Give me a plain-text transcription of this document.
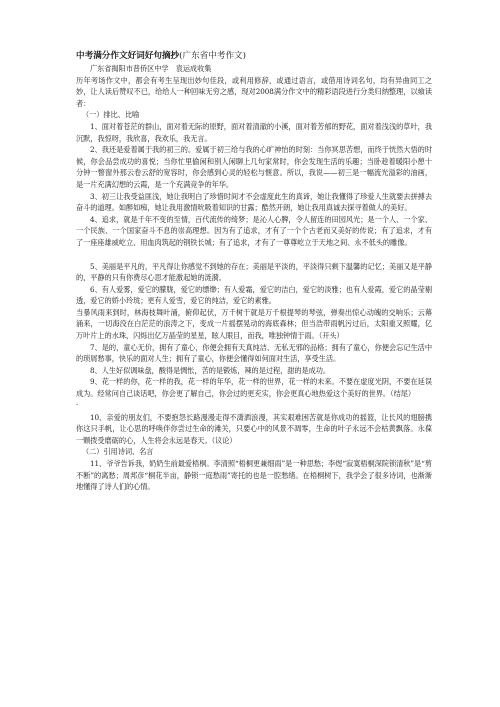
中考满分作文好词好句摘抄(广东省中考作文)

广东省揭阳市普侨区中学　袁运成收集

历年考场作文中，都会有考生呈现出妙句佳段，或利用修辞，或通过语言，或借用诗词名句，均有异曲同工之妙，让人读后赞叹不已，给给人一种回味无穷之感，现对2008满分作文中的精彩语段进行分类归纳整理，以飨读者：

（一）排比、比喻

1、面对着苍茫的群山，面对着无际的原野，面对着清澈的小溪，面对着芳郁的野花，面对着浅浅的草叶，我沉默，我惊呀，我欣喜，我欢乐，我无言。

2、我还是爱着属于我的初三的。爱属于初三给与我的心旷神怡的时刻：当你冥思苦想，而终于恍然大悟的时候，你会品尝成功的喜悦；当你忙里偷闲和别人闲聊上几句家常时，你会发现生活的乐趣；当卧趁着暖阳小憩十分钟一瞥窗外那云卷云舒的宽容时，你会感到心灵的轻松与惬意。所以，我说——初三是一幅流光溢彩的油画，是一片充满幻想的云霞，是一个充满竞争的年华。

3、初三让我受益匪浅，她让我明白了珍惜时间才不会虚度此生的真谛，她让我懂得了珍爱人生就要去拼搏去奋斗的道理。如醉如痴，她让我用激情吮吸着知识的甘露；酷然开朗，她让我用真诚去探寻着做人的美好。

4、追求，就是千年不变的至情，百代流传的绮梦；是沁人心脾，令人留连的田园风光；是一个人、一个家、一个民族、一个国家奋斗不息的崇高理想。因为有了追求，才有了一个个古老而又美好的传说；有了追求，才有了一座座雄威屹立、用血肉筑起的钢铁长城；有了追求，才有了一尊尊屹立于天地之间、永不低头的雕像。

5、美丽是平凡的，平凡得让你感觉不到她的存在；美丽是平淡的，平淡得只剩下温馨的记忆；美丽又是平静的，平静的只有你费尽心思才能激起她的涟漪。

6、有人爱雾，爱它的朦胧，爱它的缥缈；有人爱霜，爱它的洁白，爱它的淡雅；也有人爱霞，爱它的晶莹剔透，爱它的娇小玲珑；更有人爱雪，爱它的纯洁，爱它的素雅。

当暴风雨来到时，林海枝舞叶涌，俯仰起伏，万千树干就是万千根提琴的琴弦，弹奏出惊心动魄的交响乐；云幕涌来，一切海没在白茫茫的浪涛之下，变成一片摇摆晃动的海底森林；但当浩带雨帆污过后，太阳重又照耀，亿万叶片上的水珠，闪烁出亿万晶莹的星星，眩人眼目，而我，唯独钟情于雨。（开头）

7、是的，童心无价，拥有了童心，你便会拥有天真纯洁、无私无邪的品格；拥有了童心，你便会忘记生活中的琐屑愁事，快乐的面对人生；拥有了童心，你便会懂得如何面对生活，享受生活。

8、人生好似调味盘，酸得是惆怅，苦的是锻炼，辣的是过程，甜的是成功。

9、花一样的你，花一样的我，花一样的年华，花一样的世界，花一样的未来。不要在虚度光阴，不要在延误成为。经常问自己谈话吧，你会更了解自己，你会过的更充实，你会更真心地热爱这个美好的世界。（结尾）

·

10、亲爱的朋友们，不要抱怨长路漫漫走得不潇洒浪漫，其实艰难困苦就是你成功的摇篮，让长风的翅膀携你这只手帆，让心思的呼唤伴你尝过生命的滩关，只要心中的风景不凋零，生命的叶子永远不会枯黄飘落。永葆一颗拨受磨砺的心，人生将会永远是春天。（议论）

（二）引用诗词、名言

11、爷爷告诉我，奶奶生前最爱梧桐。李清照“梧桐更兼细雨”是一种思愁；李煜“寂寞梧桐深院锁清秋”是“剪不断”的离愁；周邦彦“桐花半亩，静锁一庭愁雨”寄托的也是一腔愁绪。在梧桐树下，我学会了很多诗词，也渐渐地懂得了诗人们的心情。
